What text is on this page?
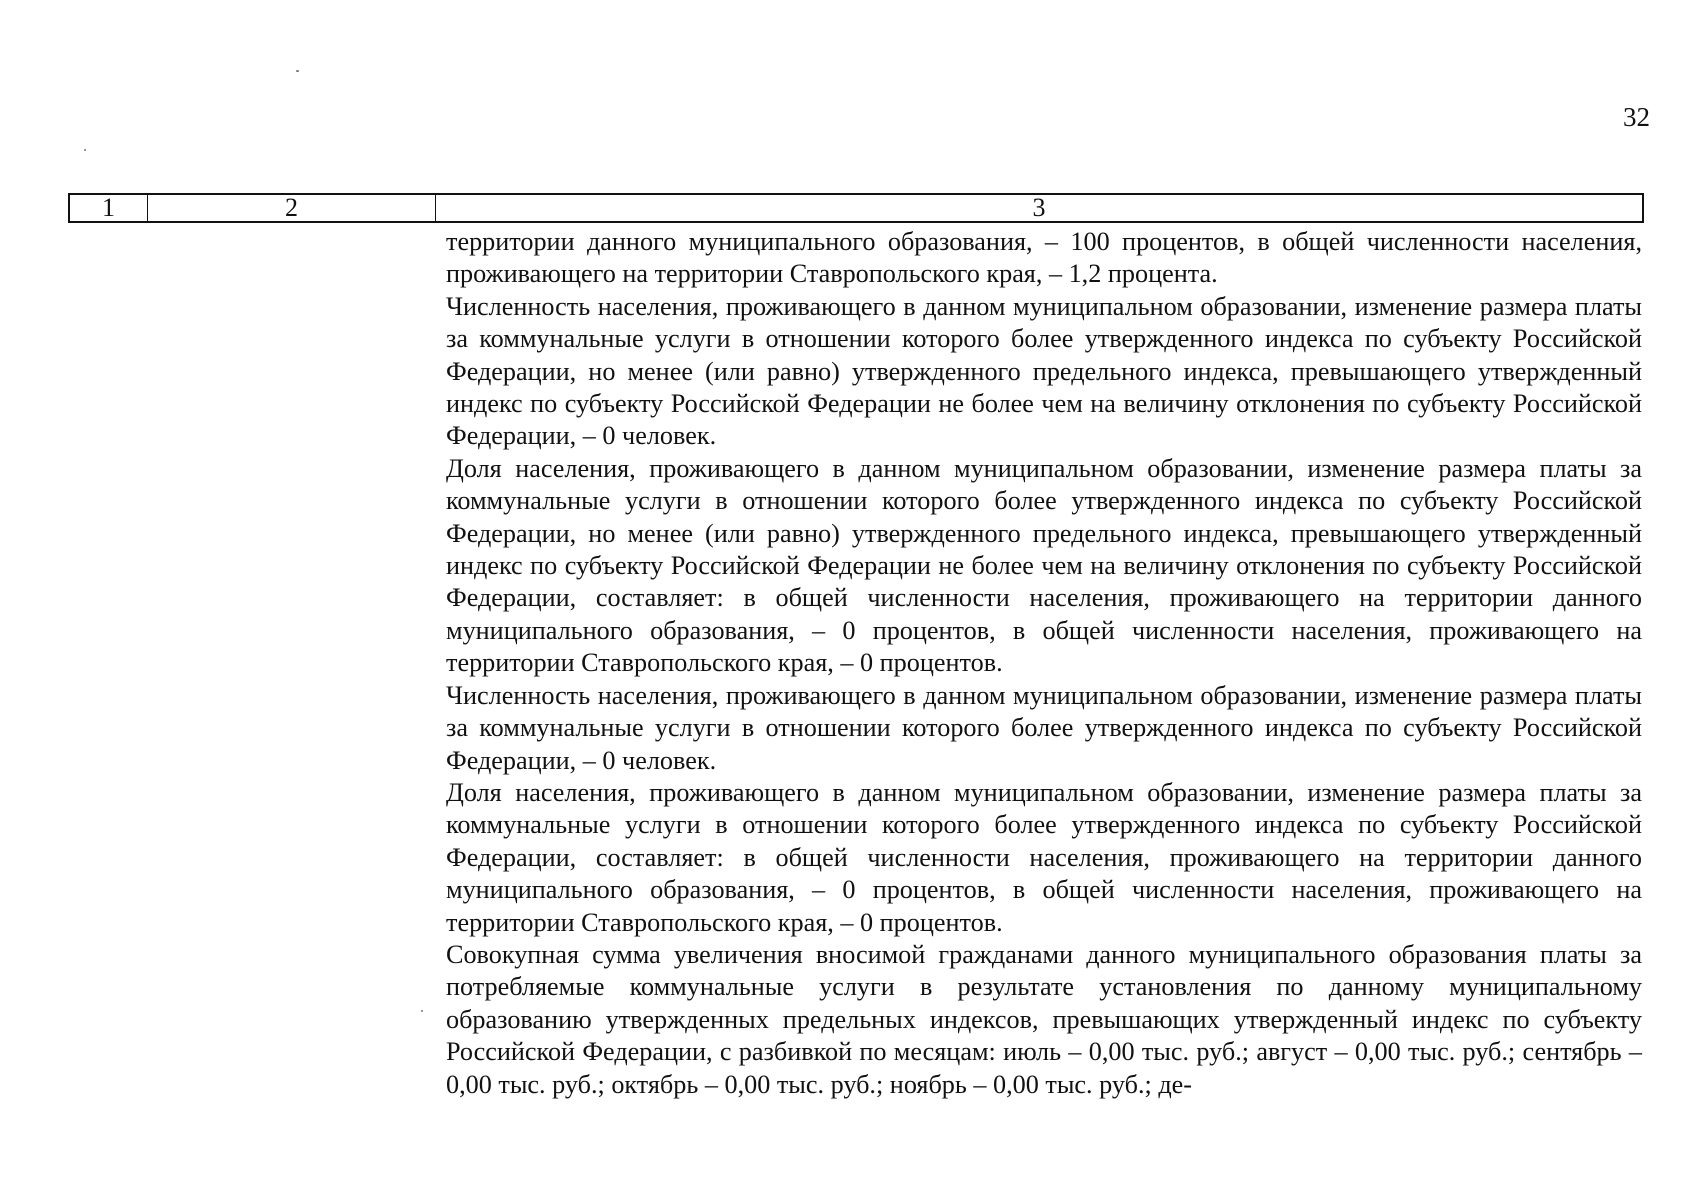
32
1	2	3

территории данного муниципального образования, – 100 процентов, в общей численности населения, проживающего на территории Ставропольского края, – 1,2 процента.

Численность населения, проживающего в данном муниципальном образовании, изменение размера платы за коммунальные услуги в отношении которого более утвержденного индекса по субъекту Российской Федерации, но менее (или равно) утвержденного предельного индекса, превышающего утвержденный индекс по субъекту Российской Федерации не более чем на величину отклонения по субъекту Российской Федерации, – 0 человек.

Доля населения, проживающего в данном муниципальном образовании, изменение размера платы за коммунальные услуги в отношении которого более утвержденного индекса по субъекту Российской Федерации, но менее (или равно) утвержденного предельного индекса, превышающего утвержденный индекс по субъекту Российской Федерации не более чем на величину отклонения по субъекту Российской Федерации, составляет: в общей численности населения, проживающего на территории данного муниципального образования, – 0 процентов, в общей численности населения, проживающего на территории Ставропольского края, – 0 процентов.

Численность населения, проживающего в данном муниципальном образовании, изменение размера платы за коммунальные услуги в отношении которого более утвержденного индекса по субъекту Российской Федерации, – 0 человек.

Доля населения, проживающего в данном муниципальном образовании, изменение размера платы за коммунальные услуги в отношении которого более утвержденного индекса по субъекту Российской Федерации, составляет: в общей численности населения, проживающего на территории данного муниципального образования, – 0 процентов, в общей численности населения, проживающего на территории Ставропольского края, – 0 процентов.

Совокупная сумма увеличения вносимой гражданами данного муниципального образования платы за потребляемые коммунальные услуги в результате установления по данному муниципальному образованию утвержденных предельных индексов, превышающих утвержденный индекс по субъекту Российской Федерации, с разбивкой по месяцам: июль – 0,00 тыс. руб.; август – 0,00 тыс. руб.; сентябрь – 0,00 тыс. руб.; октябрь – 0,00 тыс. руб.; ноябрь – 0,00 тыс. руб.; де-
